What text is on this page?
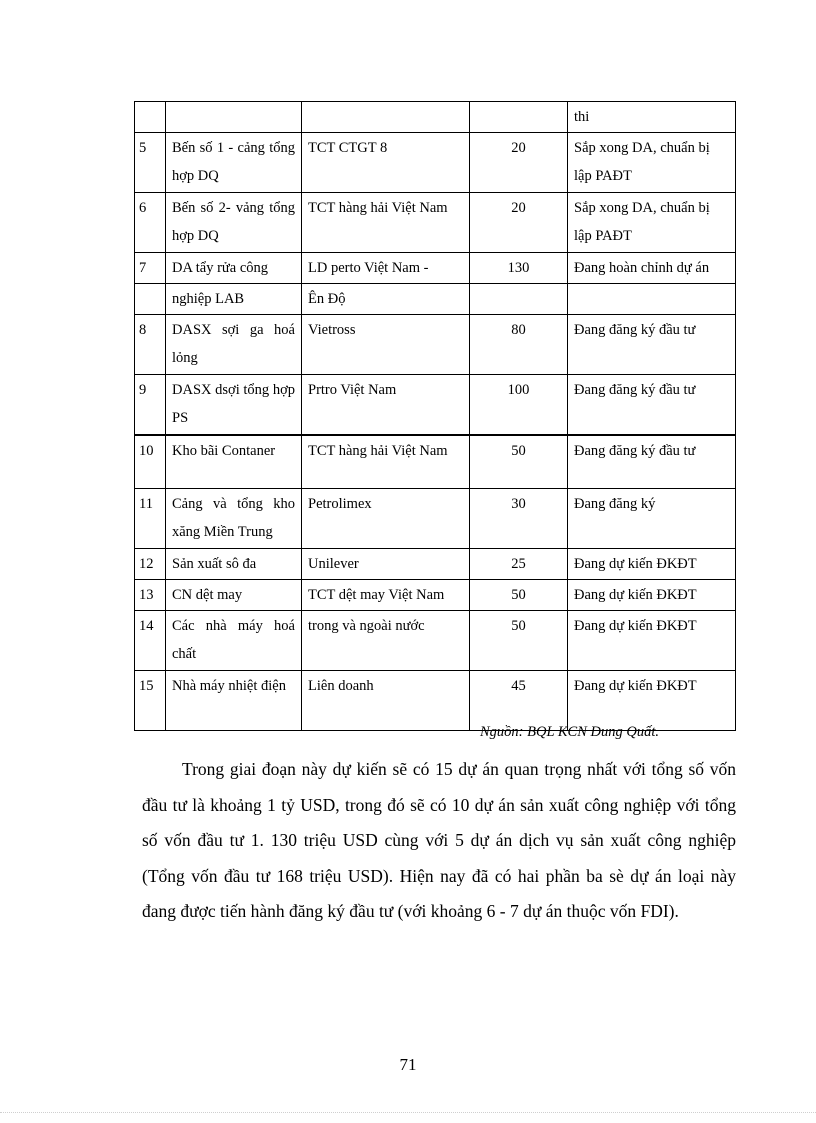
				thi
5	Bến số 1 - cảng tổng hợp DQ	TCT CTGT 8	20	Sắp xong DA, chuẩn bị lập PAĐT
6	Bến số 2- vảng tổng hợp DQ	TCT hàng hải Việt Nam	20	Sắp xong DA, chuẩn bị lập PAĐT
7	DA tẩy rửa công	LD perto Việt Nam -	130	Đang hoàn chỉnh dự án
	nghiệp LAB	Ên Độ		
8	DASX sợi ga hoá lỏng	Vietross	80	Đang đăng ký đầu tư
9	DASX dsợi tổng hợp PS	Prtro Việt Nam	100	Đang đăng ký đầu tư
10	Kho bãi Contaner	TCT hàng hải Việt Nam	50	Đang đăng ký đầu tư
11	Cảng và tổng kho xăng Miền Trung	Petrolimex	30	Đang đăng ký
12	Sản xuất sô đa	Unilever	25	Đang dự kiến ĐKĐT
13	CN dệt may	TCT dệt may Việt Nam	50	Đang dự kiến ĐKĐT
14	Các nhà máy hoá chất	trong và ngoài nước	50	Đang dự kiến ĐKĐT
15	Nhà máy nhiệt điện	Liên doanh	45	Đang dự kiến ĐKĐT
Nguồn: BQL KCN Dung Quất.

Trong giai đoạn này dự kiến sẽ có 15 dự án quan trọng nhất với tổng số vốn đầu tư là khoảng 1 tỷ USD, trong đó sẽ có 10 dự án sản xuất công nghiệp với tổng số vốn đầu tư 1. 130 triệu USD cùng với 5 dự án dịch vụ sản xuất công nghiệp (Tổng vốn đầu tư 168 triệu USD). Hiện nay đã có hai phần ba sè dự án loại này đang được tiến hành đăng ký đầu tư (với khoảng 6 - 7 dự án thuộc vốn FDI).

71
